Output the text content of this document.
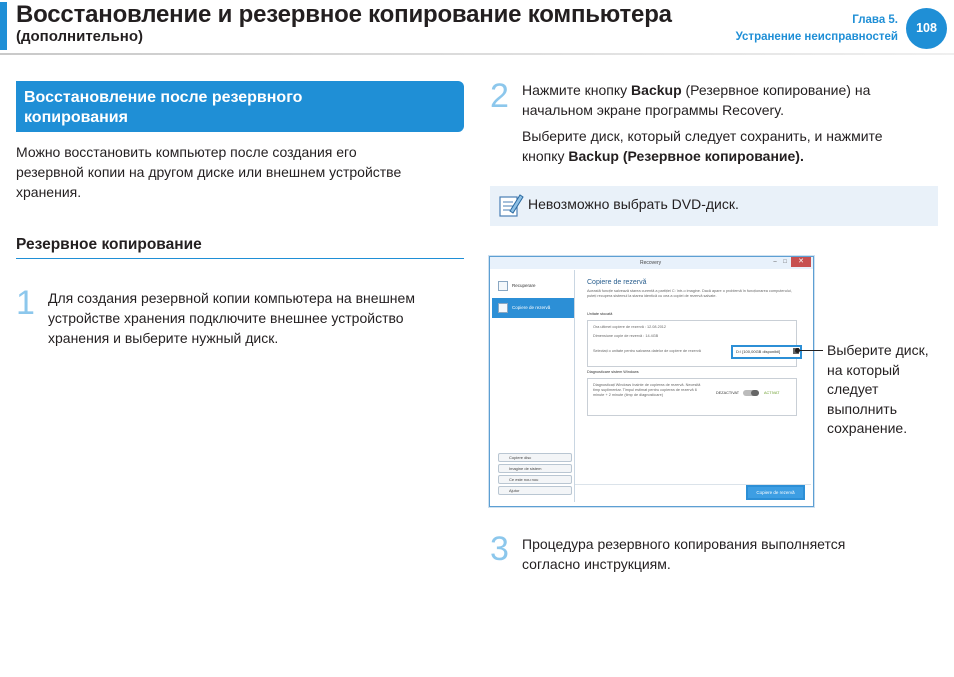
Восстановление и резервное копирование компьютера
(дополнительно)
Глава 5.
Устранение неисправностей
108
Восстановление после резервного копирования
Можно восстановить компьютер после создания его
резервной копии на другом диске или внешнем устройстве
хранения.
Резервное копирование
1 Для создания резервной копии компьютера на внешнем
устройстве хранения подключите внешнее устройство
хранения и выберите нужный диск.
2 Нажмите кнопку Backup (Резервное копирование) на
начальном экране программы Recovery.
Выберите диск, который следует сохранить, и нажмите
кнопку Backup (Резервное копирование).
Невозможно выбрать DVD-диск.
Recovery	–	□	✕
Recuperare
Copiere de rezervă
Copiere disc
Imagine de sistem
Ce este nou nou
Ajutor
Copiere de rezervă
Această funcție salvează starea curentă a partiției C: într-o imagine. Dacă apare o problemă în funcționarea computerului, puteți recupera sistemul la starea identică cu cea a copiei de rezervă salvate.
Unitate stocată
Ora ultimei copiere de rezervă : 12.08.2012
Dimensiune copie de rezervă : 14.4GB
Selectați o unitate pentru salvarea datelor de copiere de rezervă	D:\ [100,00GB disponibil]
Diagnosticare sistem Windows
Diagnosticați Windows înainte de copierea de rezervă. Necesită timp suplimentar. Timpul estimat pentru copierea de rezervă 6 minute + 2 minute (timp de diagnosticare)	DEZACTIVAT	ACTIVAT
Copiere de rezervă
Выберите диск,
на который
следует
выполнить
сохранение.
3 Процедура резервного копирования выполняется
согласно инструкциям.
